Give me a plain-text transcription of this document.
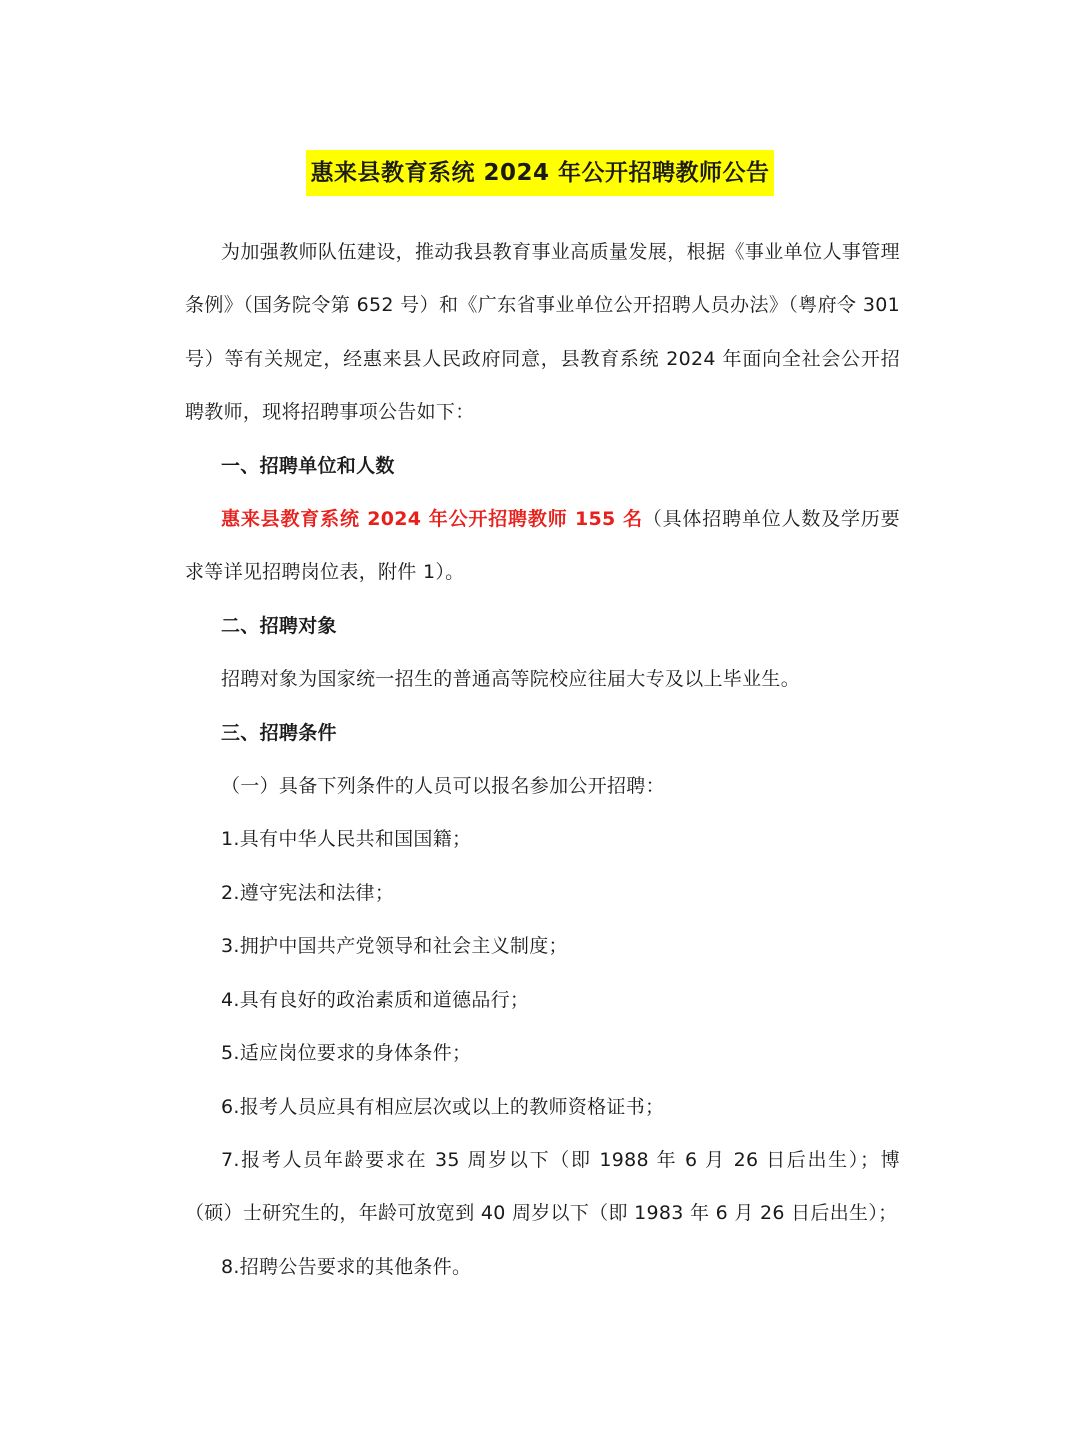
惠来县教育系统 2024 年公开招聘教师公告

为加强教师队伍建设，推动我县教育事业高质量发展，根据《事业单位人事管理条例》（国务院令第 652 号）和《广东省事业单位公开招聘人员办法》（粤府令 301 号）等有关规定，经惠来县人民政府同意，县教育系统 2024 年面向全社会公开招聘教师，现将招聘事项公告如下：

一、招聘单位和人数

惠来县教育系统 2024 年公开招聘教师 155 名（具体招聘单位人数及学历要求等详见招聘岗位表，附件 1）。

二、招聘对象

招聘对象为国家统一招生的普通高等院校应往届大专及以上毕业生。

三、招聘条件

（一）具备下列条件的人员可以报名参加公开招聘：

1.具有中华人民共和国国籍；

2.遵守宪法和法律；

3.拥护中国共产党领导和社会主义制度；

4.具有良好的政治素质和道德品行；

5.适应岗位要求的身体条件；

6.报考人员应具有相应层次或以上的教师资格证书；

7.报考人员年龄要求在 35 周岁以下（即 1988 年 6 月 26 日后出生）；博（硕）士研究生的，年龄可放宽到 40 周岁以下（即 1983 年 6 月 26 日后出生）；

8.招聘公告要求的其他条件。
